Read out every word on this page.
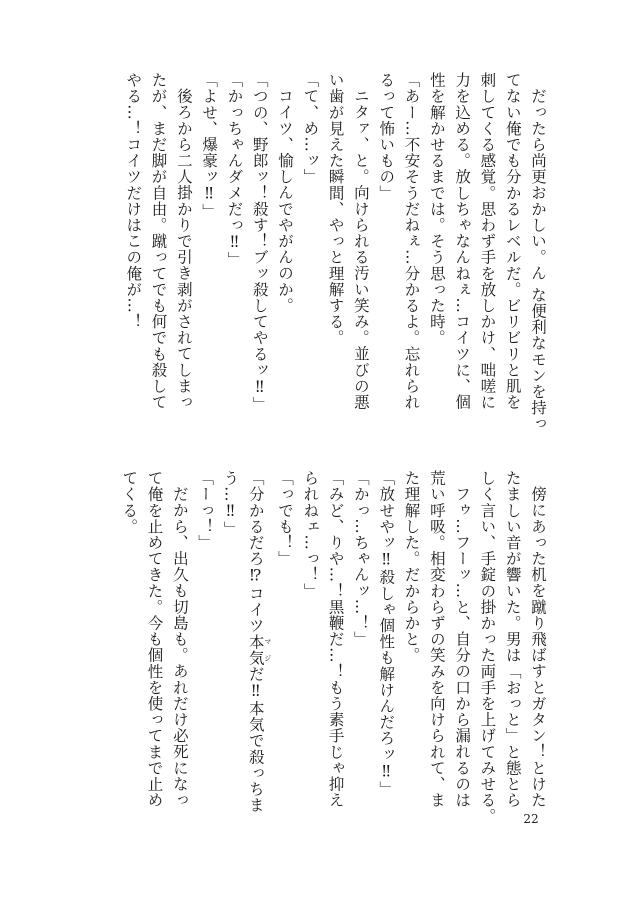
だったら尚更おかしい。ん な便利なモンを持っ
てない俺でも分かるレベルだ。ビリビリと肌を
刺してくる感覚。思わず手を放しかけ、咄嗟に
力を込める。放しちゃなんねぇ…コイツに、個
性を解かせるまでは。そう思った時。
「あー…不安そうだねぇ…分かるよ。忘れられ
るって怖いもの」
ニタァ、と。向けられる汚い笑み。並びの悪
い歯が見えた瞬間、やっと理解する。
「て、め…ッ」
コイツ、愉しんでやがんのか。
「つの、野郎ッ！殺す！ブッ殺してやるッ‼」
「かっちゃんダメだっ‼」
「よせ、爆豪ッ‼」
後ろから二人掛かりで引き剥がされてしまっ
たが、まだ脚が自由。蹴ってでも何でも殺して
やる…！コイツだけはこの俺が…！
傍にあった机を蹴り飛ばすとガタン！とけた
たましい音が響いた。男は「おっと」と態とら
しく言い、手錠の掛かった両手を上げてみせる。
フゥ…フーッ…と、自分の口から漏れるのは
荒い呼吸。相変わらずの笑みを向けられて、ま
た理解した。だからかと。
「放せやッ‼殺しゃ個性も解けんだろッ‼」
「かっ…ちゃんッ…！」
「みど、りや…！黒鞭だ…！もう素手じゃ抑え
られねェ…っ！」
「っでも！」
「分かるだろ⁉コイツ本気 マジだ‼本気で殺っちま
う…‼」
「ーっ！」
だから、出久も切島も。あれだけ必死になっ
て俺を止めてきた。今も個性を使ってまで止め
てくる。
22
